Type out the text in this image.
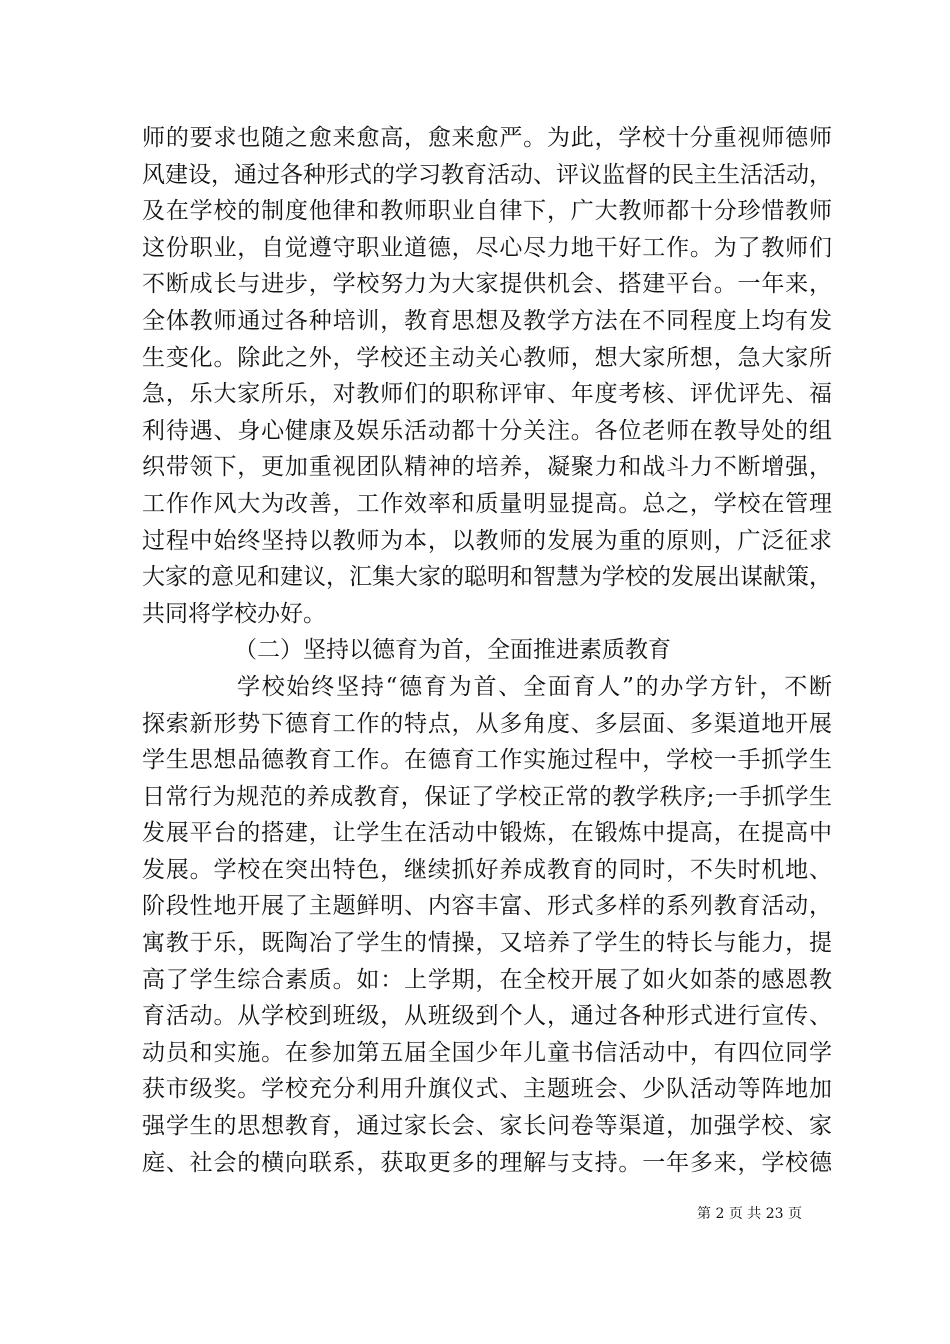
师的要求也随之愈来愈高，愈来愈严。为此，学校十分重视师德师
风建设，通过各种形式的学习教育活动、评议监督的民主生活活动，
及在学校的制度他律和教师职业自律下，广大教师都十分珍惜教师
这份职业，自觉遵守职业道德，尽心尽力地干好工作。为了教师们
不断成长与进步，学校努力为大家提供机会、搭建平台。一年来，
全体教师通过各种培训，教育思想及教学方法在不同程度上均有发
生变化。除此之外，学校还主动关心教师，想大家所想，急大家所
急，乐大家所乐，对教师们的职称评审、年度考核、评优评先、福
利待遇、身心健康及娱乐活动都十分关注。各位老师在教导处的组
织带领下，更加重视团队精神的培养，凝聚力和战斗力不断增强，
工作作风大为改善，工作效率和质量明显提高。总之，学校在管理
过程中始终坚持以教师为本，以教师的发展为重的原则，广泛征求
大家的意见和建议，汇集大家的聪明和智慧为学校的发展出谋献策，
共同将学校办好。
（二）坚持以德育为首，全面推进素质教育
学校始终坚持“德育为首、全面育人”的办学方针，不断
探索新形势下德育工作的特点，从多角度、多层面、多渠道地开展
学生思想品德教育工作。在德育工作实施过程中，学校一手抓学生
日常行为规范的养成教育，保证了学校正常的教学秩序;一手抓学生
发展平台的搭建，让学生在活动中锻炼，在锻炼中提高，在提高中
发展。学校在突出特色，继续抓好养成教育的同时，不失时机地、
阶段性地开展了主题鲜明、内容丰富、形式多样的系列教育活动，
寓教于乐，既陶冶了学生的情操，又培养了学生的特长与能力，提
高了学生综合素质。如：上学期，在全校开展了如火如荼的感恩教
育活动。从学校到班级，从班级到个人，通过各种形式进行宣传、
动员和实施。在参加第五届全国少年儿童书信活动中，有四位同学
获市级奖。学校充分利用升旗仪式、主题班会、少队活动等阵地加
强学生的思想教育，通过家长会、家长问卷等渠道，加强学校、家
庭、社会的横向联系，获取更多的理解与支持。一年多来，学校德
第 2 页 共 23 页
